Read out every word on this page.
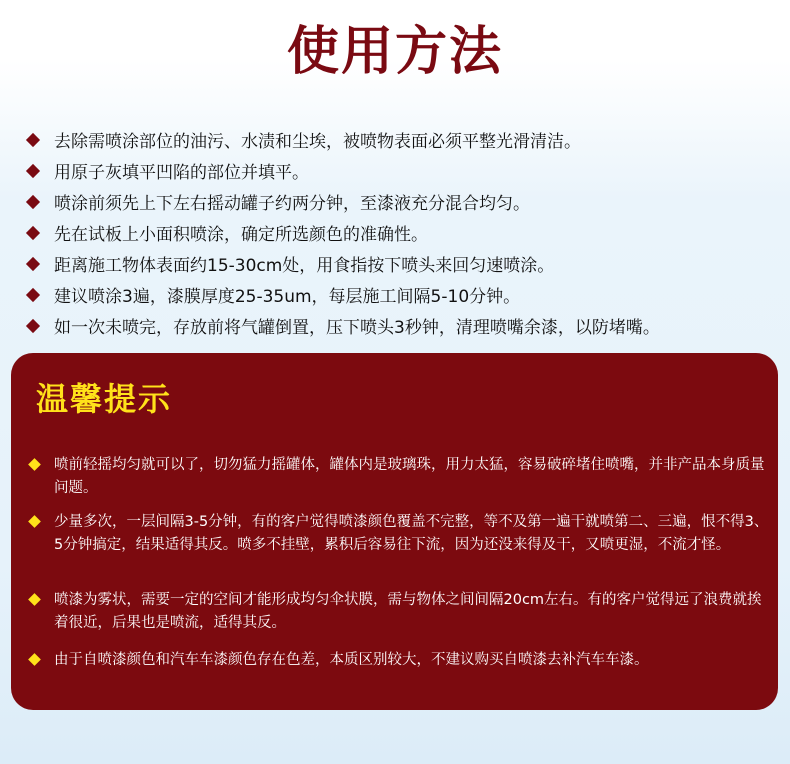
使用方法
去除需喷涂部位的油污、水渍和尘埃，被喷物表面必须平整光滑清洁。
用原子灰填平凹陷的部位并填平。
喷涂前须先上下左右摇动罐子约两分钟，至漆液充分混合均匀。
先在试板上小面积喷涂，确定所选颜色的准确性。
距离施工物体表面约15-30cm处，用食指按下喷头来回匀速喷涂。
建议喷涂3遍，漆膜厚度25-35um，每层施工间隔5-10分钟。
如一次未喷完，存放前将气罐倒置，压下喷头3秒钟，清理喷嘴余漆，以防堵嘴。
温馨提示
喷前轻摇均匀就可以了，切勿猛力摇罐体，罐体内是玻璃珠，用力太猛，容易破碎堵住喷嘴，并非产品本身质量问题。
少量多次，一层间隔3-5分钟，有的客户觉得喷漆颜色覆盖不完整，等不及第一遍干就喷第二、三遍，恨不得3、5分钟搞定，结果适得其反。喷多不挂壁，累积后容易往下流，因为还没来得及干，又喷更湿，不流才怪。
喷漆为雾状，需要一定的空间才能形成均匀伞状膜，需与物体之间间隔20cm左右。有的客户觉得远了浪费就挨着很近，后果也是喷流，适得其反。
由于自喷漆颜色和汽车车漆颜色存在色差，本质区别较大，不建议购买自喷漆去补汽车车漆。
